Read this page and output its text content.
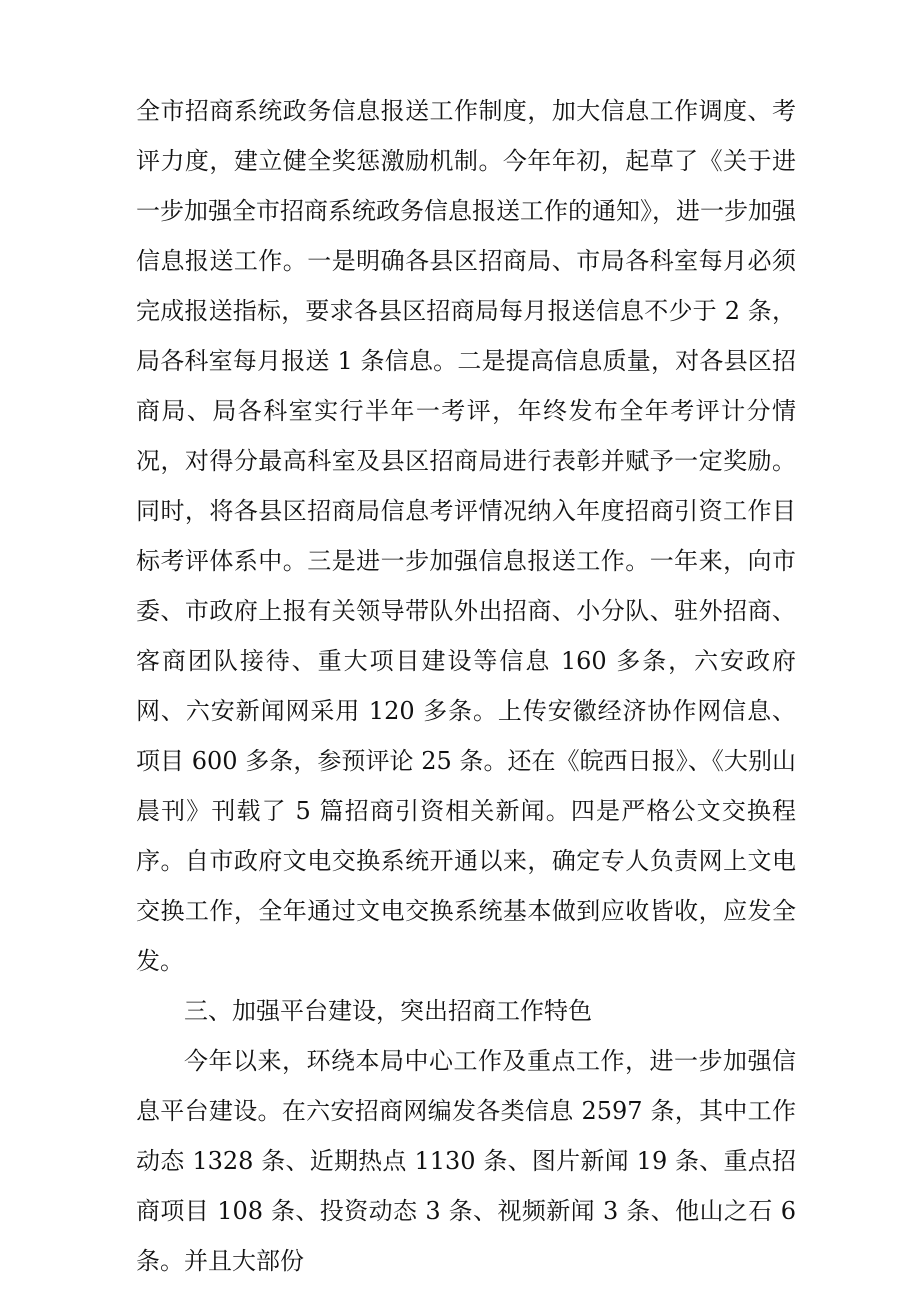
全市招商系统政务信息报送工作制度，加大信息工作调度、考评力度，建立健全奖惩激励机制。今年年初，起草了《关于进一步加强全市招商系统政务信息报送工作的通知》，进一步加强信息报送工作。一是明确各县区招商局、市局各科室每月必须完成报送指标，要求各县区招商局每月报送信息不少于 2 条，局各科室每月报送 1 条信息。二是提高信息质量，对各县区招商局、局各科室实行半年一考评，年终发布全年考评计分情况，对得分最高科室及县区招商局进行表彰并赋予一定奖励。同时，将各县区招商局信息考评情况纳入年度招商引资工作目标考评体系中。三是进一步加强信息报送工作。一年来，向市委、市政府上报有关领导带队外出招商、小分队、驻外招商、客商团队接待、重大项目建设等信息 160 多条，六安政府网、六安新闻网采用 120 多条。上传安徽经济协作网信息、项目 600 多条，参预评论 25 条。还在《皖西日报》、《大别山晨刊》刊载了 5 篇招商引资相关新闻。四是严格公文交换程序。自市政府文电交换系统开通以来，确定专人负责网上文电交换工作，全年通过文电交换系统基本做到应收皆收，应发全发。

三、加强平台建设，突出招商工作特色

今年以来，环绕本局中心工作及重点工作，进一步加强信息平台建设。在六安招商网编发各类信息 2597 条，其中工作动态 1328 条、近期热点 1130 条、图片新闻 19 条、重点招商项目 108 条、投资动态 3 条、视频新闻 3 条、他山之石 6 条。并且大部份
